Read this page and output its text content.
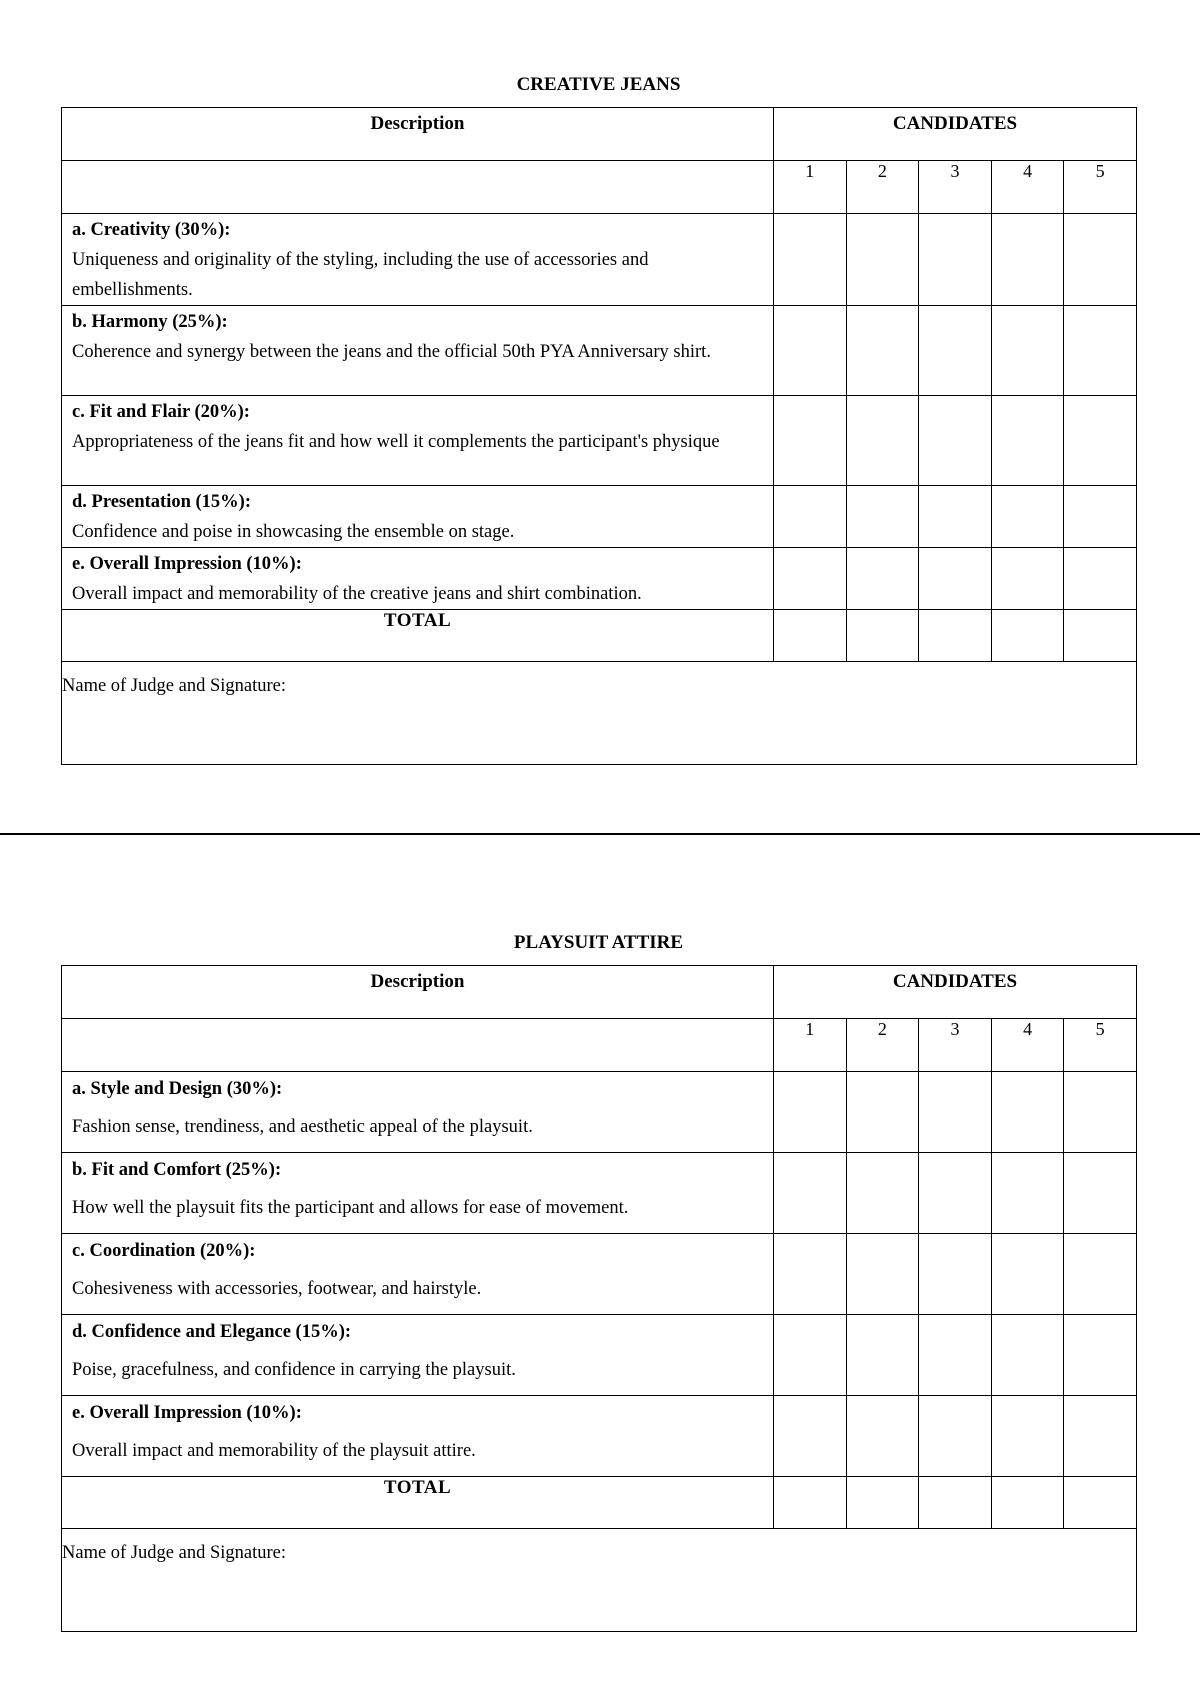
CREATIVE JEANS
Description	CANDIDATES				
	1	2	3	4	5

a. Creativity (30%):
Uniqueness and originality of the styling, including the use of accessories and embellishments.					

b. Harmony (25%):
Coherence and synergy between the jeans and the official 50th PYA Anniversary shirt.					

c. Fit and Flair (20%):
Appropriateness of the jeans fit and how well it complements the participant's physique					

d. Presentation (15%):
Confidence and poise in showcasing the ensemble on stage.					

e. Overall Impression (10%):
Overall impact and memorability of the creative jeans and shirt combination.					

TOTAL					
Name of Judge and Signature:					
PLAYSUIT ATTIRE
Description	CANDIDATES				
	1	2	3	4	5

a. Style and Design (30%):
Fashion sense, trendiness, and aesthetic appeal of the playsuit.					

b. Fit and Comfort (25%):
How well the playsuit fits the participant and allows for ease of movement.					

c. Coordination (20%):
Cohesiveness with accessories, footwear, and hairstyle.					

d. Confidence and Elegance (15%):
Poise, gracefulness, and confidence in carrying the playsuit.					

e. Overall Impression (10%):
Overall impact and memorability of the playsuit attire.					

TOTAL					
Name of Judge and Signature:					
